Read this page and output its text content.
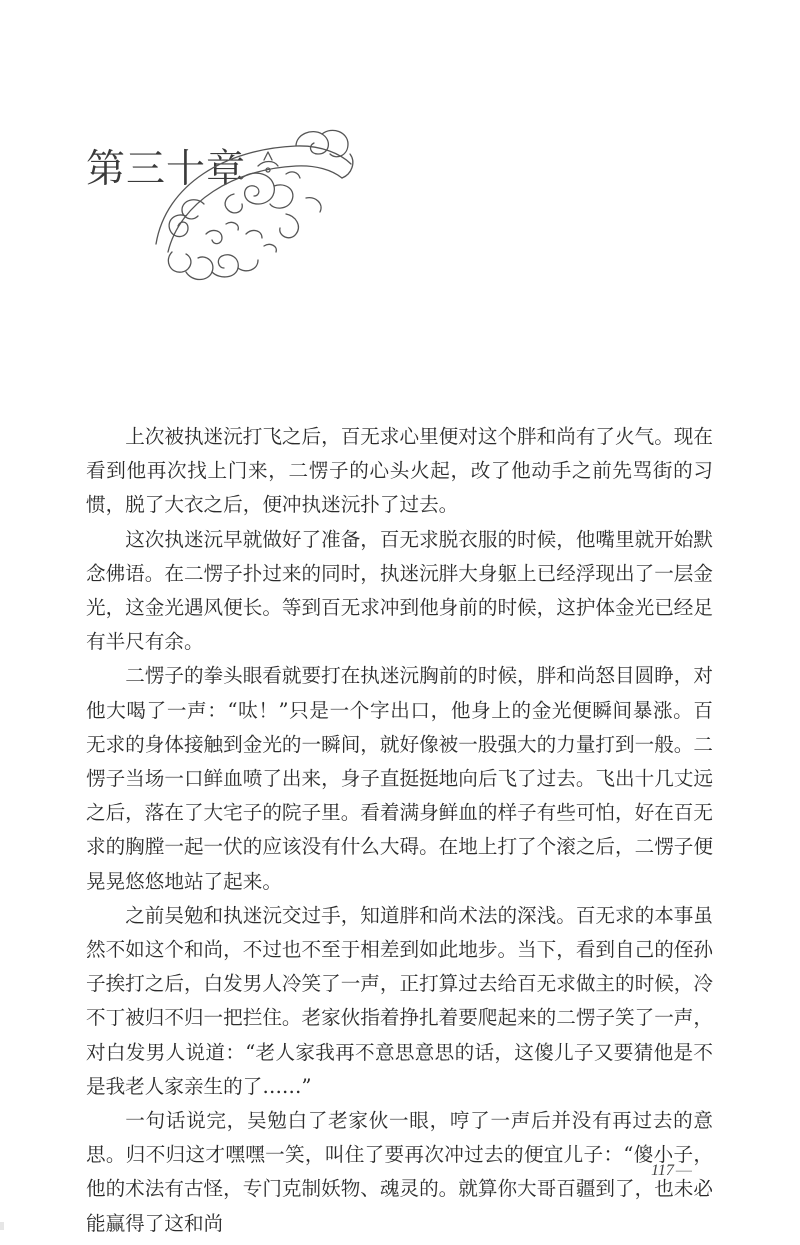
第三十章

上次被执迷沅打飞之后，百无求心里便对这个胖和尚有了火气。现在看到他再次找上门来，二愣子的心头火起，改了他动手之前先骂街的习惯，脱了大衣之后，便冲执迷沅扑了过去。

这次执迷沅早就做好了准备，百无求脱衣服的时候，他嘴里就开始默念佛语。在二愣子扑过来的同时，执迷沅胖大身躯上已经浮现出了一层金光，这金光遇风便长。等到百无求冲到他身前的时候，这护体金光已经足有半尺有余。

二愣子的拳头眼看就要打在执迷沅胸前的时候，胖和尚怒目圆睁，对他大喝了一声：“呔！”只是一个字出口，他身上的金光便瞬间暴涨。百无求的身体接触到金光的一瞬间，就好像被一股强大的力量打到一般。二愣子当场一口鲜血喷了出来，身子直挺挺地向后飞了过去。飞出十几丈远之后，落在了大宅子的院子里。看着满身鲜血的样子有些可怕，好在百无求的胸膛一起一伏的应该没有什么大碍。在地上打了个滚之后，二愣子便晃晃悠悠地站了起来。

之前吴勉和执迷沅交过手，知道胖和尚术法的深浅。百无求的本事虽然不如这个和尚，不过也不至于相差到如此地步。当下，看到自己的侄孙子挨打之后，白发男人冷笑了一声，正打算过去给百无求做主的时候，冷不丁被归不归一把拦住。老家伙指着挣扎着要爬起来的二愣子笑了一声，对白发男人说道：“老人家我再不意思意思的话，这傻儿子又要猜他是不是我老人家亲生的了……”

一句话说完，吴勉白了老家伙一眼，哼了一声后并没有再过去的意思。归不归这才嘿嘿一笑，叫住了要再次冲过去的便宜儿子：“傻小子，他的术法有古怪，专门克制妖物、魂灵的。就算你大哥百疆到了，也未必能赢得了这和尚

117 —
